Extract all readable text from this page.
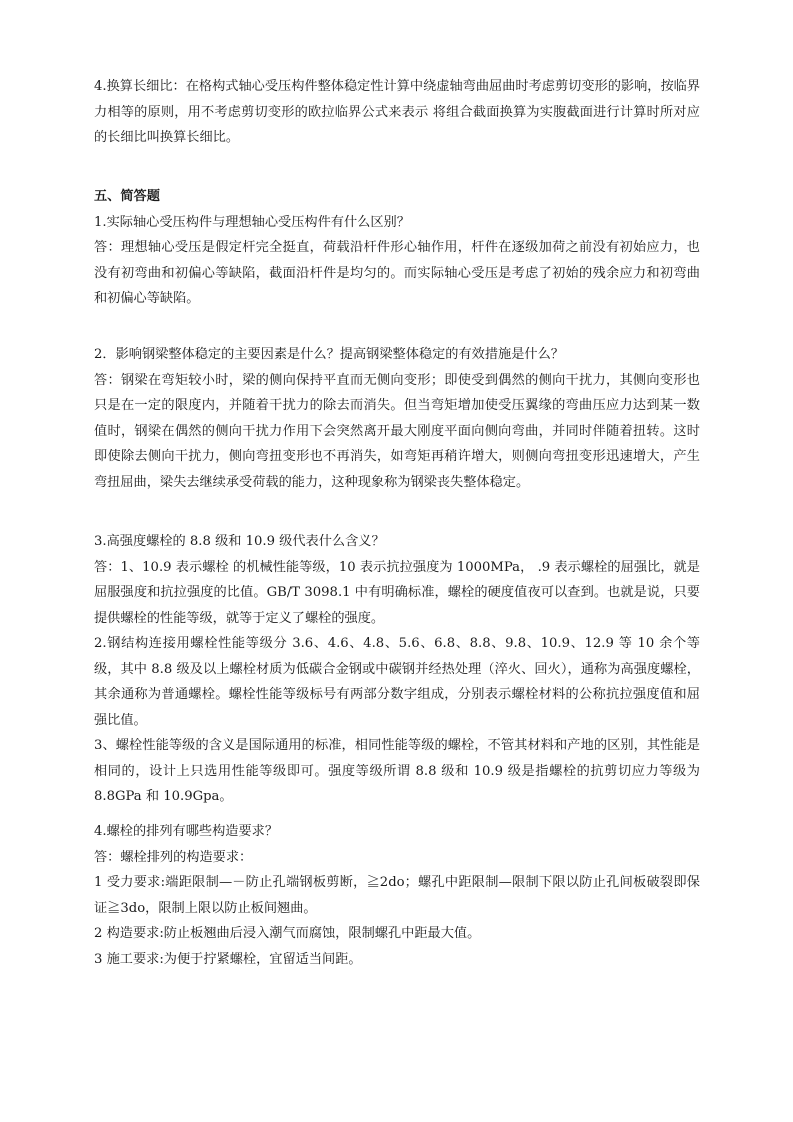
4.换算长细比：在格构式轴心受压构件整体稳定性计算中绕虚轴弯曲屈曲时考虑剪切变形的影响，按临界力相等的原则，用不考虑剪切变形的欧拉临界公式来表示 将组合截面换算为实腹截面进行计算时所对应的长细比叫换算长细比。

五、简答题

1.实际轴心受压构件与理想轴心受压构件有什么区别？

答：理想轴心受压是假定杆完全挺直，荷载沿杆件形心轴作用，杆件在逐级加荷之前没有初始应力，也没有初弯曲和初偏心等缺陷，截面沿杆件是均匀的。而实际轴心受压是考虑了初始的残余应力和初弯曲和初偏心等缺陷。

2．影响钢梁整体稳定的主要因素是什么？提高钢梁整体稳定的有效措施是什么？

答：钢梁在弯矩较小时，梁的侧向保持平直而无侧向变形；即使受到偶然的侧向干扰力，其侧向变形也只是在一定的限度内，并随着干扰力的除去而消失。但当弯矩增加使受压翼缘的弯曲压应力达到某一数值时，钢梁在偶然的侧向干扰力作用下会突然离开最大刚度平面向侧向弯曲，并同时伴随着扭转。这时即使除去侧向干扰力，侧向弯扭变形也不再消失，如弯矩再稍许增大，则侧向弯扭变形迅速增大，产生弯扭屈曲，梁失去继续承受荷载的能力，这种现象称为钢梁丧失整体稳定。

3.高强度螺栓的 8.8 级和 10.9 级代表什么含义？

答：1、10.9 表示螺栓 的机械性能等级，10 表示抗拉强度为 1000MPa， .9 表示螺栓的屈强比，就是屈服强度和抗拉强度的比值。GB/T 3098.1 中有明确标准，螺栓的硬度值夜可以查到。也就是说，只要提供螺栓的性能等级，就等于定义了螺栓的强度。

2.钢结构连接用螺栓性能等级分 3.6、4.6、4.8、5.6、6.8、8.8、9.8、10.9、12.9 等 10 余个等级，其中 8.8 级及以上螺栓材质为低碳合金钢或中碳钢并经热处理（淬火、回火），通称为高强度螺栓，其余通称为普通螺栓。螺栓性能等级标号有两部分数字组成，分别表示螺栓材料的公称抗拉强度值和屈强比值。

3、螺栓性能等级的含义是国际通用的标准，相同性能等级的螺栓，不管其材料和产地的区别，其性能是相同的，设计上只选用性能等级即可。强度等级所谓 8.8 级和 10.9 级是指螺栓的抗剪切应力等级为 8.8GPa 和 10.9Gpa。

4.螺栓的排列有哪些构造要求？

答：螺栓排列的构造要求：

1 受力要求:端距限制—－防止孔端钢板剪断，≧2do；螺孔中距限制—限制下限以防止孔间板破裂即保证≧3do，限制上限以防止板间翘曲。

2 构造要求:防止板翘曲后浸入潮气而腐蚀，限制螺孔中距最大值。

3 施工要求:为便于拧紧螺栓，宜留适当间距。
